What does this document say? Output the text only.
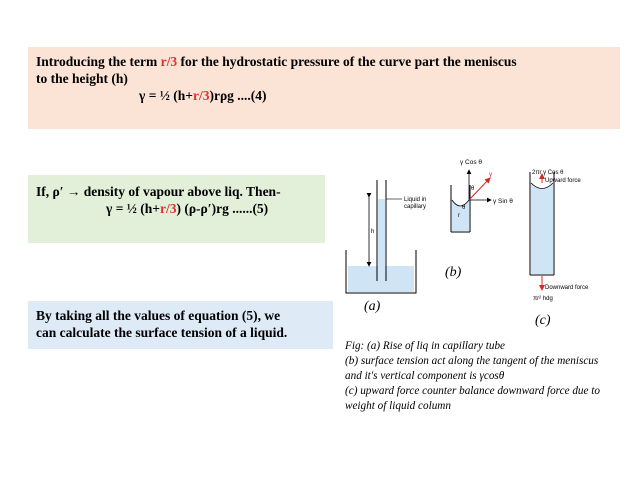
Introducing the term r/3 for the hydrostatic pressure of the curve part the meniscus
to the height (h)
γ = ½ (h+r/3)rρg ....(4)
If, ρ′ → density of vapour above liq. Then-
γ = ½ (h+r/3) (ρ-ρ′)rg ......(5)
By taking all the values of equation (5), we
can calculate the surface tension of a liquid.
h
Liquid in
capillary
γ Cos θ
γ
γ Sin θ
θ
θ
r
2πr γ Cos θ
Upward force
Downward force
πr² hdg
(a)
(b)
(c)
Fig: (a) Rise of liq in capillary tube
(b) surface tension act along the tangent of the meniscus
and it's vertical component is γcosθ
(c) upward force counter balance downward force due to
weight of liquid column
